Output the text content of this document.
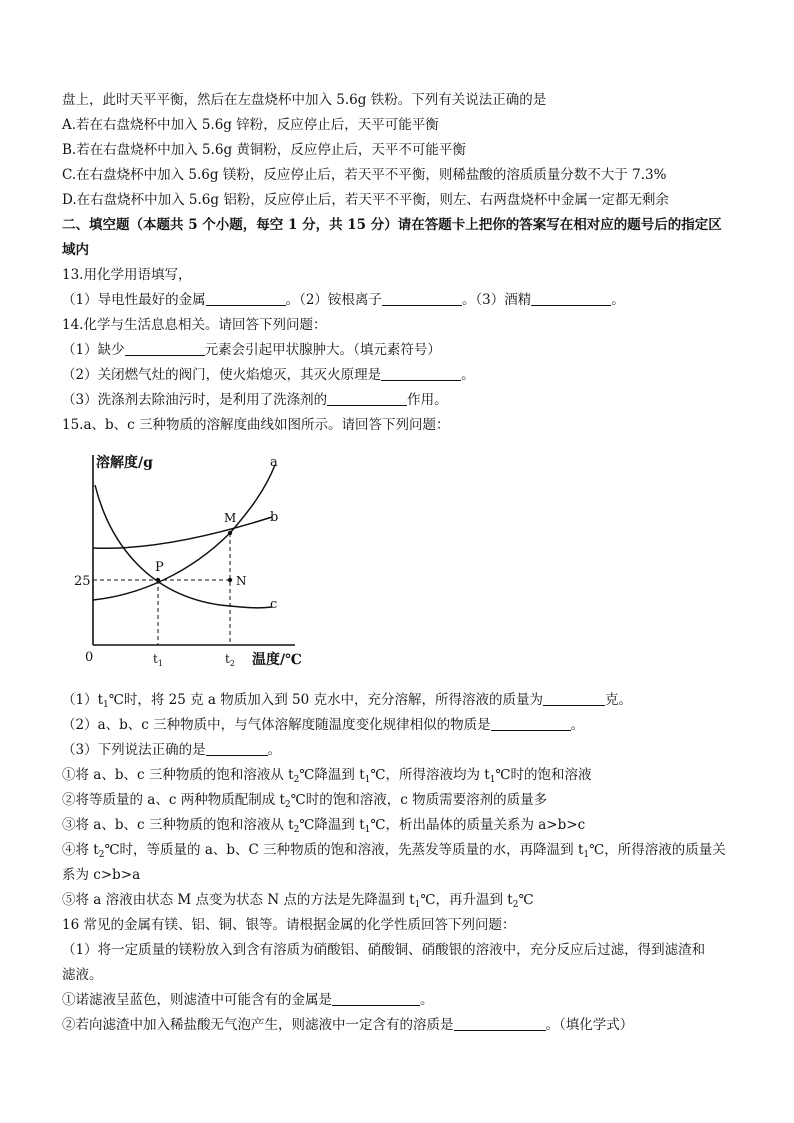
盘上，此时天平平衡，然后在左盘烧杯中加入 5.6g 铁粉。下列有关说法正确的是
A.若在右盘烧杯中加入 5.6g 锌粉，反应停止后，天平可能平衡
B.若在右盘烧杯中加入 5.6g 黄铜粉，反应停止后，天平不可能平衡
C.在右盘烧杯中加入 5.6g 镁粉，反应停止后，若天平不平衡，则稀盐酸的溶质质量分数不大于 7.3%
D.在右盘烧杯中加入 5.6g 铝粉，反应停止后，若天平不平衡，则左、右两盘烧杯中金属一定都无剩余
二、填空题（本题共 5 个小题，每空 1 分，共 15 分）请在答题卡上把你的答案写在相对应的题号后的指定区
域内
13.用化学用语填写，
（1）导电性最好的金属	。（2）铵根离子	。（3）酒精	。
14.化学与生活息息相关。请回答下列问题：
（1）缺少	元素会引起甲状腺肿大。（填元素符号）
（2）关闭燃气灶的阀门，使火焰熄灭，其灭火原理是	。
（3）洗涤剂去除油污时，是利用了洗涤剂的	作用。
15.a、b、c 三种物质的溶解度曲线如图所示。请回答下列问题：
溶解度/g
温度/℃
0
25
P
M
N
a
b
c
$t_1$	$t_2$
$(1)t_1℃$时，将 25 克 a 物质加入到 50 克水中，充分溶解，所得溶液的质量为	克。
（2）a、b、c 三种物质中，与气体溶解度随温度变化规律相似的物质是	。
（3）下列说法正确的是	。
①将 a、b、c 三种物质的饱和溶液从 $t_2℃$降温到 $t_1℃$，所得溶液均为 $t_1℃$时的饱和溶液
②将等质量的 a、c 两种物质配制成 $t_2℃$时的饱和溶液，c 物质需要溶剂的质量多
③将 a、b、c 三种物质的饱和溶液从 $t_2℃$降温到 $t_1℃$，析出晶体的质量关系为 a>b>c
④将 $t_2℃$时，等质量的 a、b、C 三种物质的饱和溶液，先蒸发等质量的水，再降温到 $t_1℃$，所得溶液的质量关
系为 c>b>a
⑤将 a 溶液由状态 M 点变为状态 N 点的方法是先降温到 $t_1℃$，再升温到 $t_2℃$
16 常见的金属有镁、铝、铜、银等。请根据金属的化学性质回答下列问题：
（1）将一定质量的镁粉放入到含有溶质为硝酸铝、硝酸铜、硝酸银的溶液中，充分反应后过滤，得到滤渣和
滤液。
①诺滤液呈蓝色，则滤渣中可能含有的金属是	。
②若向滤渣中加入稀盐酸无气泡产生，则滤液中一定含有的溶质是	。（填化学式）
